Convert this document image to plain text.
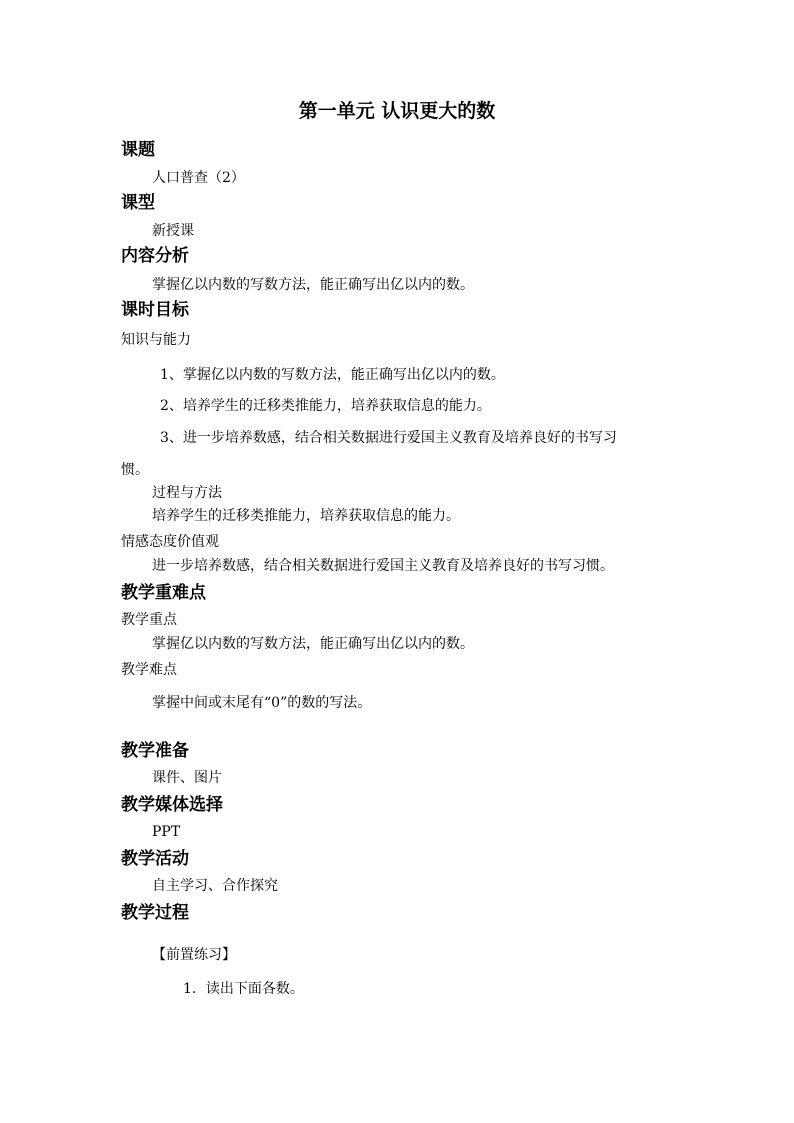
第一单元 认识更大的数
课题
人口普查（2）
课型
新授课
内容分析
掌握亿以内数的写数方法，能正确写出亿以内的数。
课时目标
知识与能力
1、掌握亿以内数的写数方法，能正确写出亿以内的数。
2、培养学生的迁移类推能力，培养获取信息的能力。
3、进一步培养数感，结合相关数据进行爱国主义教育及培养良好的书写习
惯。
过程与方法
培养学生的迁移类推能力，培养获取信息的能力。
情感态度价值观
进一步培养数感，结合相关数据进行爱国主义教育及培养良好的书写习惯。
教学重难点
教学重点
掌握亿以内数的写数方法，能正确写出亿以内的数。
教学难点
掌握中间或末尾有“0”的数的写法。
教学准备
课件、图片
教学媒体选择
PPT
教学活动
自主学习、合作探究
教学过程
【前置练习】
1．读出下面各数。
